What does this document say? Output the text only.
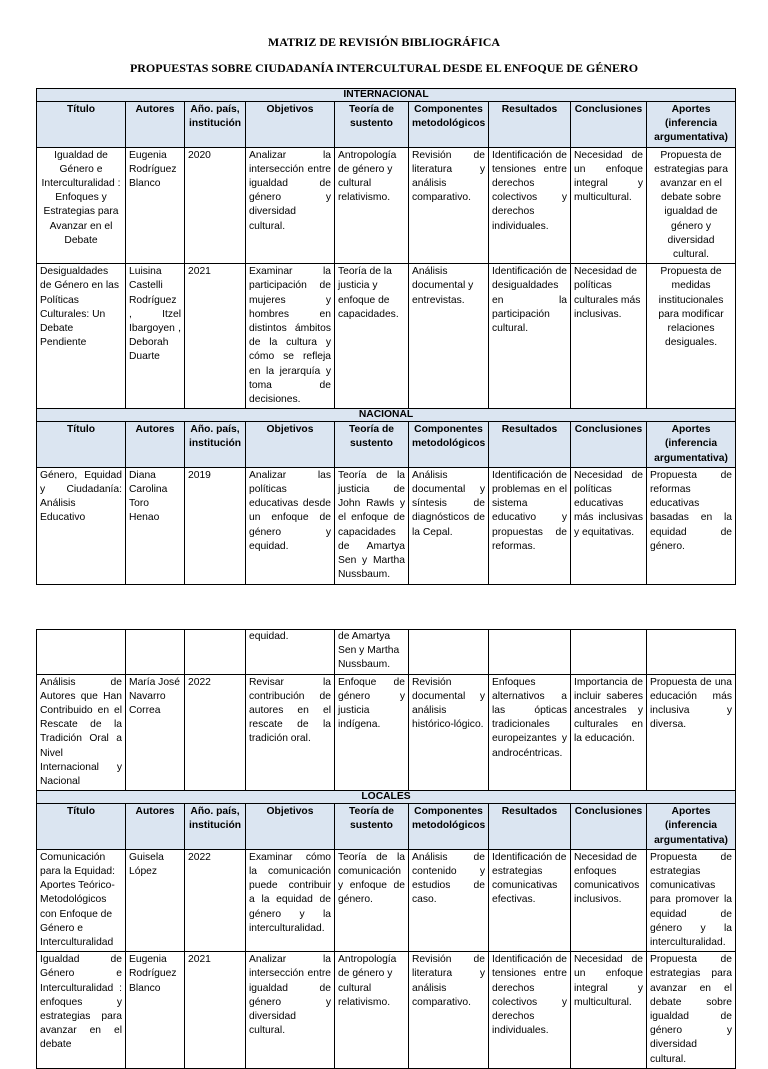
MATRIZ DE REVISIÓN BIBLIOGRÁFICA
PROPUESTAS SOBRE CIUDADANÍA INTERCULTURAL DESDE EL ENFOQUE DE GÉNERO
INTERNACIONAL								
Título	Autores	Año. país, institución	Objetivos	Teoría de sustento	Componentes metodológicos	Resultados	Conclusiones	Aportes (inferencia argumentativa)
Igualdad de Género e Interculturalidad : Enfoques y Estrategias para Avanzar en el Debate	Eugenia Rodríguez Blanco	2020	Analizar la intersección entre igualdad de género y diversidad cultural.	Antropología de género y cultural relativismo.	Revisión de literatura y análisis comparativo.	Identificación de tensiones entre derechos colectivos y derechos individuales.	Necesidad de un enfoque integral y multicultural.	Propuesta de estrategias para avanzar en el debate sobre igualdad de género y diversidad cultural.
Desigualdades de Género en las Políticas Culturales: Un Debate Pendiente	Luisina Castelli Rodríguez , Itzel Ibargoyen , Deborah Duarte	2021	Examinar la participación de mujeres y hombres en distintos ámbitos de la cultura y cómo se refleja en la jerarquía y toma de decisiones.	Teoría de la justicia y enfoque de capacidades.	Análisis documental y entrevistas.	Identificación de desigualdades en la participación cultural.	Necesidad de políticas culturales más inclusivas.	Propuesta de medidas institucionales para modificar relaciones desiguales.
NACIONAL								
Título	Autores	Año. país, institución	Objetivos	Teoría de sustento	Componentes metodológicos	Resultados	Conclusiones	Aportes (inferencia argumentativa)
Género, Equidad y Ciudadanía: Análisis Educativo	Diana Carolina Toro Henao	2019	Analizar las políticas educativas desde un enfoque de género y equidad.	Teoría de la justicia de John Rawls y el enfoque de capacidades de Amartya Sen y Martha Nussbaum.	Análisis documental y síntesis de diagnósticos de la Cepal.	Identificación de problemas en el sistema educativo y propuestas de reformas.	Necesidad de políticas educativas más inclusivas y equitativas.	Propuesta de reformas educativas basadas en la equidad de género.

			equidad.	de Amartya Sen y Martha Nussbaum.				
Análisis de Autores que Han Contribuido en el Rescate de la Tradición Oral a Nivel Internacional y Nacional	María José Navarro Correa	2022	Revisar la contribución de autores en el rescate de la tradición oral.	Enfoque de género y justicia indígena.	Revisión documental y análisis histórico-lógico.	Enfoques alternativos a las ópticas tradicionales europeizantes y androcéntricas.	Importancia de incluir saberes ancestrales y culturales en la educación.	Propuesta de una educación más inclusiva y diversa.
LOCALES								
Título	Autores	Año. país, institución	Objetivos	Teoría de sustento	Componentes metodológicos	Resultados	Conclusiones	Aportes (inferencia argumentativa)
Comunicación para la Equidad: Aportes Teórico-Metodológicos con Enfoque de Género e Interculturalidad	Guisela López	2022	Examinar cómo la comunicación puede contribuir a la equidad de género y la interculturalidad.	Teoría de la comunicación y enfoque de género.	Análisis de contenido y estudios de caso.	Identificación de estrategias comunicativas efectivas.	Necesidad de enfoques comunicativos inclusivos.	Propuesta de estrategias comunicativas para promover la equidad de género y la interculturalidad.
Igualdad de Género e Interculturalidad : enfoques y estrategias para avanzar en el debate	Eugenia Rodríguez Blanco	2021	Analizar la intersección entre igualdad de género y diversidad cultural.	Antropología de género y cultural relativismo.	Revisión de literatura y análisis comparativo.	Identificación de tensiones entre derechos colectivos y derechos individuales.	Necesidad de un enfoque integral y multicultural.	Propuesta de estrategias para avanzar en el debate sobre igualdad de género y diversidad cultural.
